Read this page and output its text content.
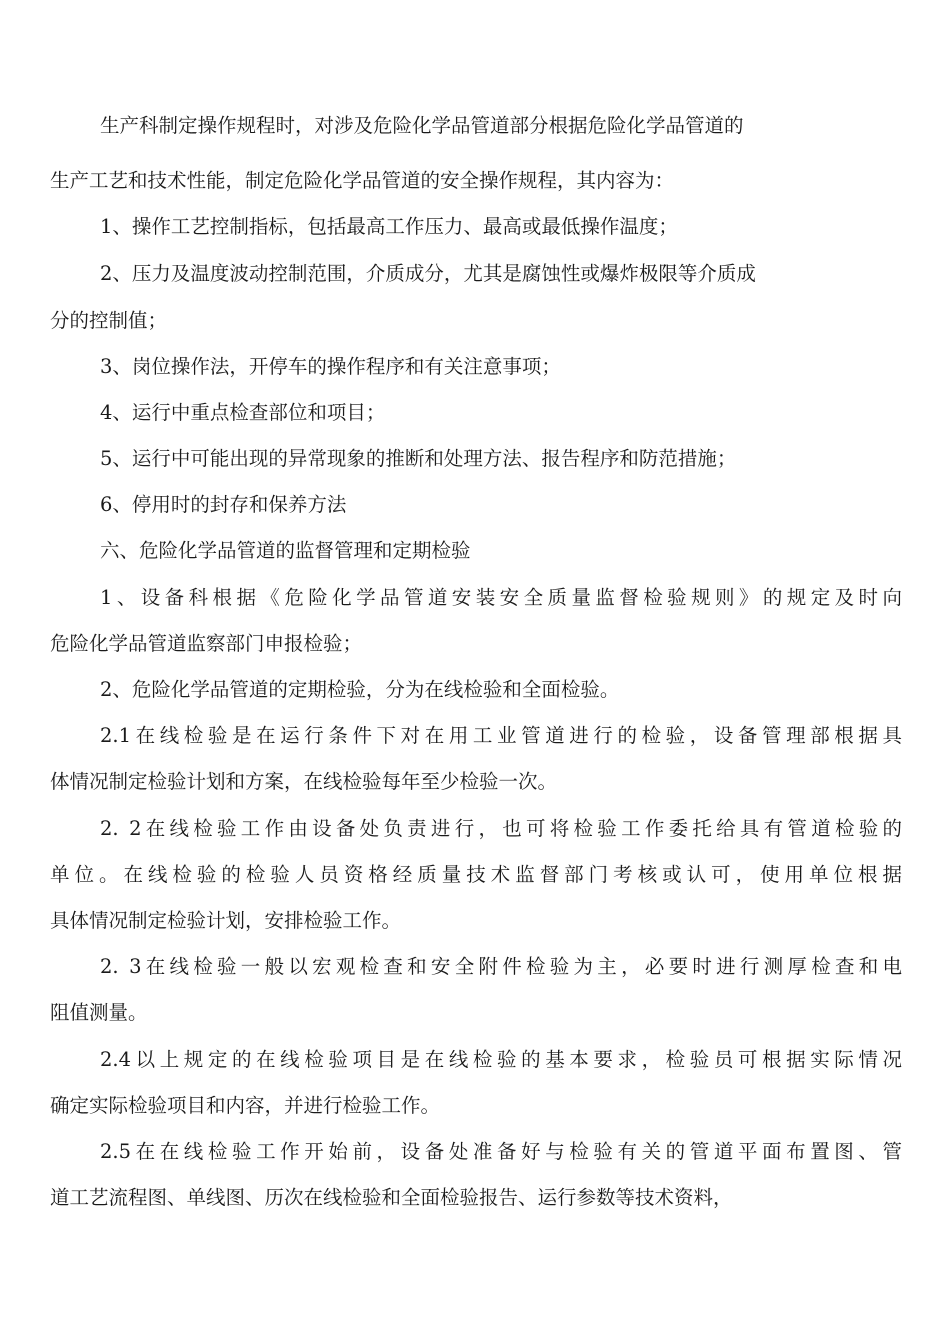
生产科制定操作规程时，对涉及危险化学品管道部分根据危险化学品管道的
生产工艺和技术性能，制定危险化学品管道的安全操作规程，其内容为：
1、操作工艺控制指标，包括最高工作压力、最高或最低操作温度；
2、压力及温度波动控制范围，介质成分，尤其是腐蚀性或爆炸极限等介质成
分的控制值；
3、岗位操作法，开停车的操作程序和有关注意事项；
4、运行中重点检查部位和项目；
5、运行中可能出现的异常现象的推断和处理方法、报告程序和防范措施；
6、停用时的封存和保养方法
六、危险化学品管道的监督管理和定期检验
1、设备科根据《危险化学品管道安装安全质量监督检验规则》的规定及时向
危险化学品管道监察部门申报检验；
2、危险化学品管道的定期检验，分为在线检验和全面检验。
2.1在线检验是在运行条件下对在用工业管道进行的检验，设备管理部根据具
体情况制定检验计划和方案，在线检验每年至少检验一次。
2. 2在线检验工作由设备处负责进行，也可将检验工作委托给具有管道检验的
单位。在线检验的检验人员资格经质量技术监督部门考核或认可，使用单位根据
具体情况制定检验计划，安排检验工作。
2. 3在线检验一般以宏观检查和安全附件检验为主，必要时进行测厚检查和电
阻值测量。
2.4以上规定的在线检验项目是在线检验的基本要求，检验员可根据实际情况
确定实际检验项目和内容，并进行检验工作。
2.5在在线检验工作开始前，设备处准备好与检验有关的管道平面布置图、管
道工艺流程图、单线图、历次在线检验和全面检验报告、运行参数等技术资料，
